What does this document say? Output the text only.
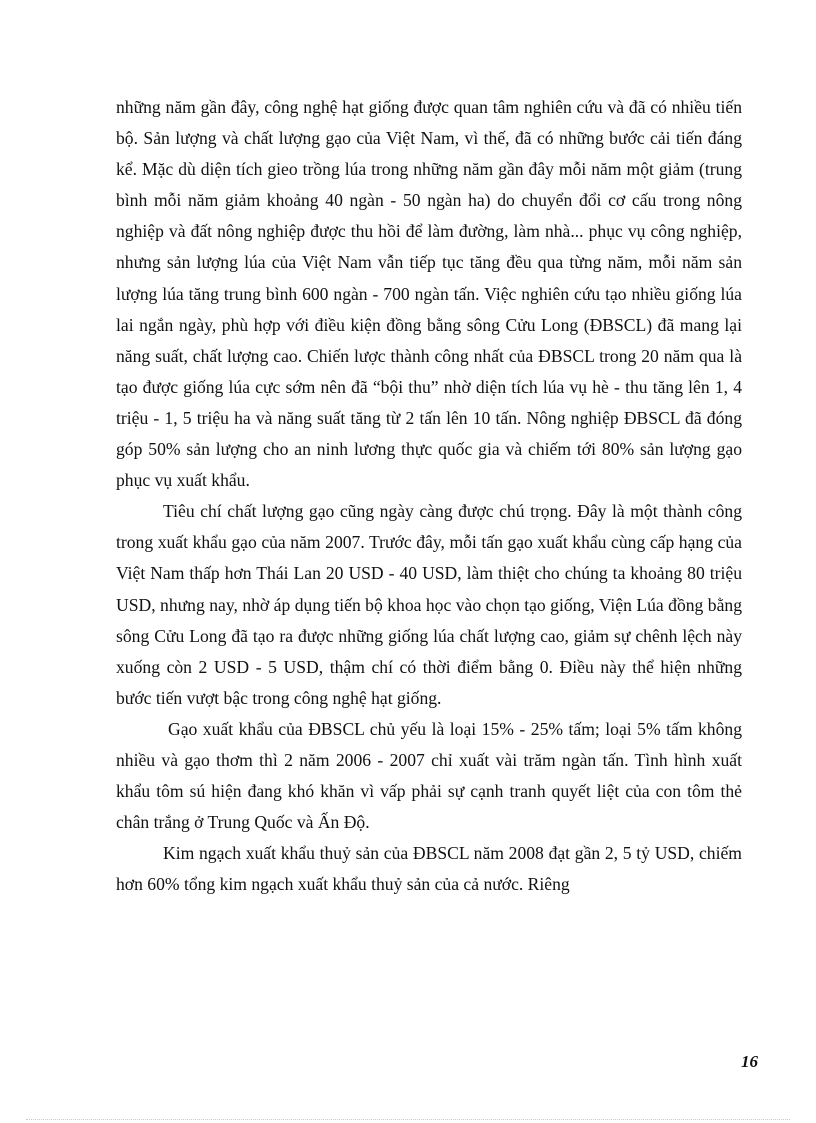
những năm gần đây, công nghệ hạt giống được quan tâm nghiên cứu và đã có nhiều tiến bộ. Sản lượng và chất lượng gạo của Việt Nam, vì thế, đã có những bước cải tiến đáng kể. Mặc dù diện tích gieo trồng lúa trong những năm gần đây mỗi năm một giảm (trung bình mỗi năm giảm khoảng 40 ngàn - 50 ngàn ha) do chuyển đổi cơ cấu trong nông nghiệp và đất nông nghiệp được thu hồi để làm đường, làm nhà... phục vụ công nghiệp, nhưng sản lượng lúa của Việt Nam vẫn tiếp tục tăng đều qua từng năm, mỗi năm sản lượng lúa tăng trung bình 600 ngàn - 700 ngàn tấn. Việc nghiên cứu tạo nhiều giống lúa lai ngắn ngày, phù hợp với điều kiện đồng bằng sông Cửu Long (ĐBSCL) đã mang lại năng suất, chất lượng cao. Chiến lược thành công nhất của ĐBSCL trong 20 năm qua là tạo được giống lúa cực sớm nên đã “bội thu” nhờ diện tích lúa vụ hè - thu tăng lên 1, 4 triệu - 1, 5 triệu ha và năng suất tăng từ 2 tấn lên 10 tấn. Nông nghiệp ĐBSCL đã đóng góp 50% sản lượng cho an ninh lương thực quốc gia và chiếm tới 80% sản lượng gạo phục vụ xuất khẩu.

Tiêu chí chất lượng gạo cũng ngày càng được chú trọng. Đây là một thành công trong xuất khẩu gạo của năm 2007. Trước đây, mỗi tấn gạo xuất khẩu cùng cấp hạng của Việt Nam thấp hơn Thái Lan 20 USD - 40 USD, làm thiệt cho chúng ta khoảng 80 triệu USD, nhưng nay, nhờ áp dụng tiến bộ khoa học vào chọn tạo giống, Viện Lúa đồng bằng sông Cửu Long đã tạo ra được những giống lúa chất lượng cao, giảm sự chênh lệch này xuống còn 2 USD - 5 USD, thậm chí có thời điểm bằng 0. Điều này thể hiện những bước tiến vượt bậc trong công nghệ hạt giống.

Gạo xuất khẩu của ĐBSCL chủ yếu là loại 15% - 25% tấm; loại 5% tấm không nhiều và gạo thơm thì 2 năm 2006 - 2007 chỉ xuất vài trăm ngàn tấn. Tình hình xuất khẩu tôm sú hiện đang khó khăn vì vấp phải sự cạnh tranh quyết liệt của con tôm thẻ chân trắng ở Trung Quốc và Ấn Độ.

Kim ngạch xuất khẩu thuỷ sản của ĐBSCL năm 2008 đạt gần 2, 5 tỷ USD, chiếm hơn 60% tổng kim ngạch xuất khẩu thuỷ sản của cả nước. Riêng

16
